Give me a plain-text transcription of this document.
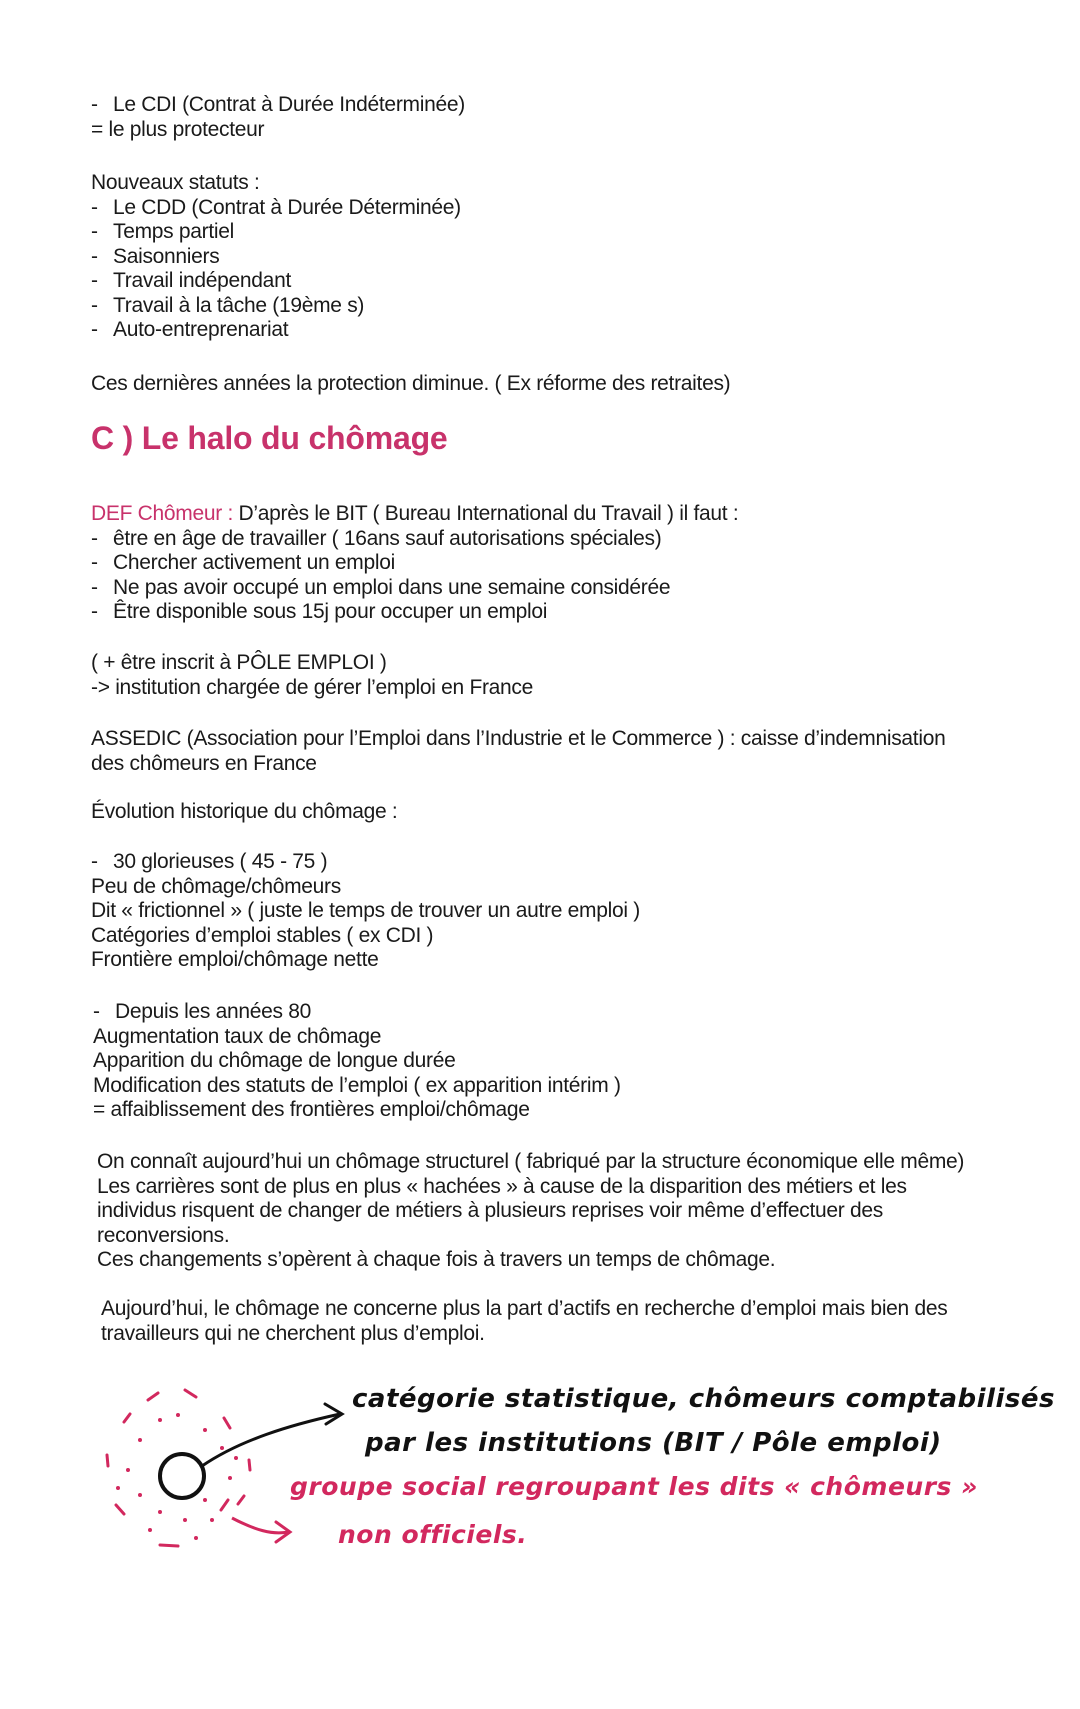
- Le CDI (Contrat à Durée Indéterminée)
= le plus protecteur
Nouveaux statuts :
- Le CDD (Contrat à Durée Déterminée)
- Temps partiel
- Saisonniers
- Travail indépendant
- Travail à la tâche (19ème s)
- Auto-entreprenariat
Ces dernières années la protection diminue. ( Ex réforme des retraites)
C ) Le halo du chômage
DEF Chômeur : D’après le BIT ( Bureau International du Travail ) il faut :
- être en âge de travailler ( 16ans sauf autorisations spéciales)
- Chercher activement un emploi
- Ne pas avoir occupé un emploi dans une semaine considérée
- Être disponible sous 15j pour occuper un emploi
( + être inscrit à PÔLE EMPLOI )
-> institution chargée de gérer l’emploi en France
ASSEDIC (Association pour l’Emploi dans l’Industrie et le Commerce ) : caisse d’indemnisation
des chômeurs en France
Évolution historique du chômage :
- 30 glorieuses ( 45 - 75 )
Peu de chômage/chômeurs
Dit « frictionnel » ( juste le temps de trouver un autre emploi )
Catégories d’emploi stables ( ex CDI )
Frontière emploi/chômage nette
- Depuis les années 80
Augmentation taux de chômage
Apparition du chômage de longue durée
Modification des statuts de l’emploi ( ex apparition intérim )
= affaiblissement des frontières emploi/chômage
On connaît aujourd’hui un chômage structurel ( fabriqué par la structure économique elle même)
Les carrières sont de plus en plus « hachées » à cause de la disparition des métiers et les
individus risquent de changer de métiers à plusieurs reprises voir même d’effectuer des
reconversions.
Ces changements s’opèrent à chaque fois à travers un temps de chômage.
Aujourd’hui, le chômage ne concerne plus la part d’actifs en recherche d’emploi mais bien des
travailleurs qui ne cherchent plus d’emploi.
catégorie statistique, chômeurs comptabilisés
par les institutions (BIT / Pôle emploi)
groupe social regroupant les dits « chômeurs »
non officiels.
